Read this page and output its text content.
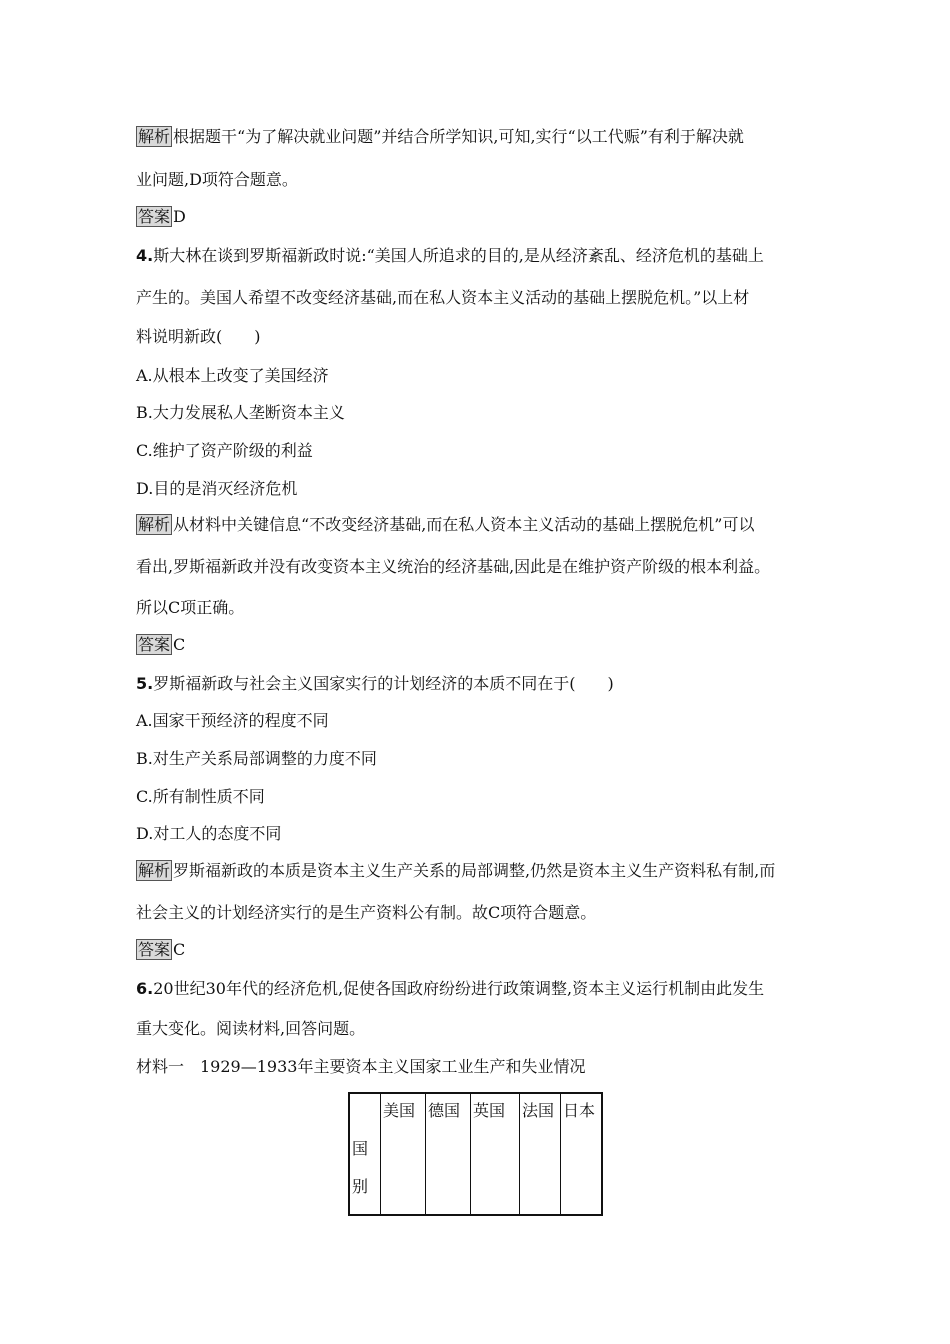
解析 根据题干“为了解决就业问题”并结合所学知识,可知,实行“以工代赈”有利于解决就
业问题,D项符合题意。
答案 D
4.斯大林在谈到罗斯福新政时说:“美国人所追求的目的,是从经济紊乱、经济危机的基础上
产生的。美国人希望不改变经济基础,而在私人资本主义活动的基础上摆脱危机。”以上材
料说明新政(　　)
A.从根本上改变了美国经济
B.大力发展私人垄断资本主义
C.维护了资产阶级的利益
D.目的是消灭经济危机
解析 从材料中关键信息“不改变经济基础,而在私人资本主义活动的基础上摆脱危机”可以
看出,罗斯福新政并没有改变资本主义统治的经济基础,因此是在维护资产阶级的根本利益。
所以C项正确。
答案 C
5.罗斯福新政与社会主义国家实行的计划经济的本质不同在于(　　)
A.国家干预经济的程度不同
B.对生产关系局部调整的力度不同
C.所有制性质不同
D.对工人的态度不同
解析 罗斯福新政的本质是资本主义生产关系的局部调整,仍然是资本主义生产资料私有制,而
社会主义的计划经济实行的是生产资料公有制。故C项符合题意。
答案 C
6.20世纪30年代的经济危机,促使各国政府纷纷进行政策调整,资本主义运行机制由此发生
重大变化。阅读材料,回答问题。
材料一　1929—1933年主要资本主义国家工业生产和失业情况
国
别
	美国	德国	英国	法国	日本
